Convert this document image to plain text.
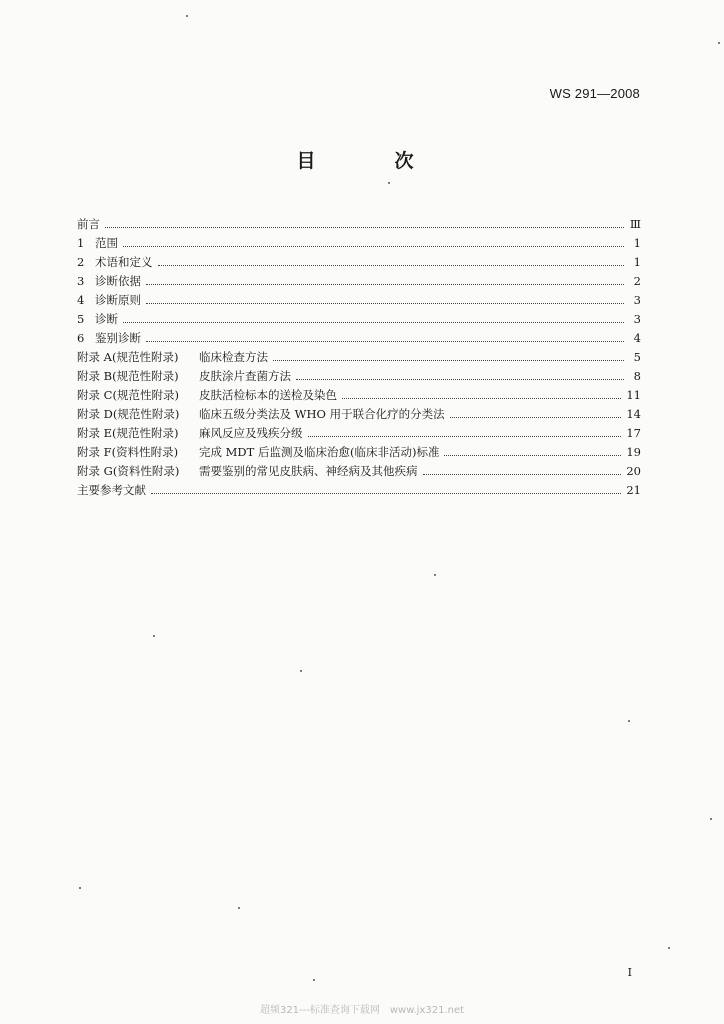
WS 291—2008
目　次
前言	Ⅲ
1 范围	1
2 术语和定义	1
3 诊断依据	2
4 诊断原则	3
5 诊断	3
6 鉴别诊断	4
附录 A(规范性附录)	临床检查方法	5
附录 B(规范性附录)	皮肤涂片查菌方法	8
附录 C(规范性附录)	皮肤活检标本的送检及染色	11
附录 D(规范性附录)	临床五级分类法及 WHO 用于联合化疗的分类法	14
附录 E(规范性附录)	麻风反应及残疾分级	17
附录 F(资料性附录)	完成 MDT 后监测及临床治愈(临床非活动)标准	19
附录 G(资料性附录)	需要鉴别的常见皮肤病、神经病及其他疾病	20
主要参考文献	21
I
超频321---标准查询下载网　www.jx321.net
